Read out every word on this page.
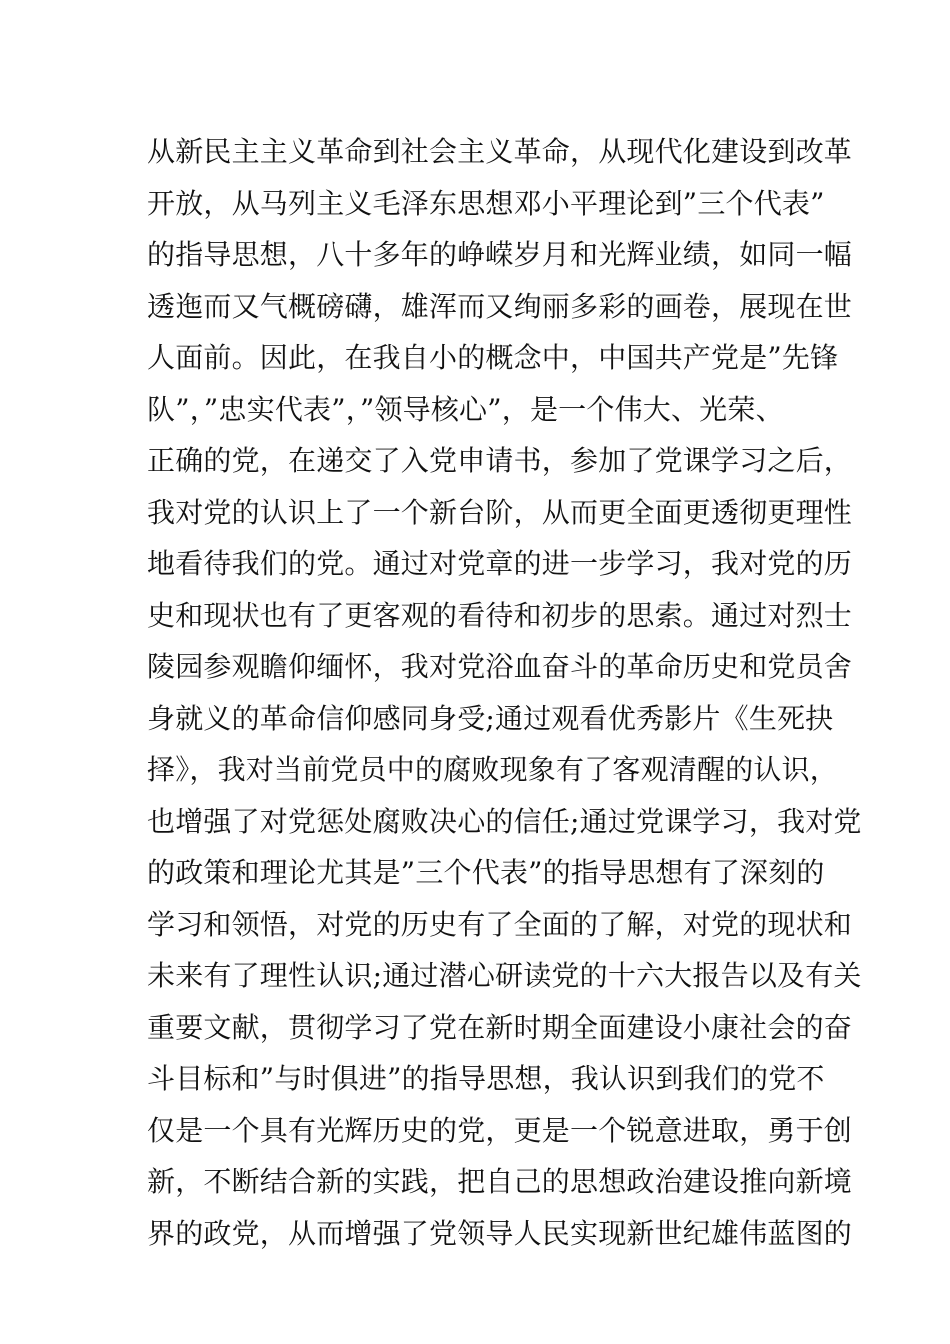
从新民主主义革命到社会主义革命，从现代化建设到改革
开放，从马列主义毛泽东思想邓小平理论到”三个代表”
的指导思想，八十多年的峥嵘岁月和光辉业绩，如同一幅
透迤而又气概磅礴，雄浑而又绚丽多彩的画卷，展现在世
人面前。因此，在我自小的概念中，中国共产党是”先锋
队”，”忠实代表”，”领导核心”，是一个伟大、光荣、
正确的党，在递交了入党申请书，参加了党课学习之后，
我对党的认识上了一个新台阶，从而更全面更透彻更理性
地看待我们的党。通过对党章的进一步学习，我对党的历
史和现状也有了更客观的看待和初步的思索。通过对烈士
陵园参观瞻仰缅怀，我对党浴血奋斗的革命历史和党员舍
身就义的革命信仰感同身受;通过观看优秀影片《生死抉
择》，我对当前党员中的腐败现象有了客观清醒的认识，
也增强了对党惩处腐败决心的信任;通过党课学习，我对党
的政策和理论尤其是”三个代表”的指导思想有了深刻的
学习和领悟，对党的历史有了全面的了解，对党的现状和
未来有了理性认识;通过潜心研读党的十六大报告以及有关
重要文献，贯彻学习了党在新时期全面建设小康社会的奋
斗目标和”与时俱进”的指导思想，我认识到我们的党不
仅是一个具有光辉历史的党，更是一个锐意进取，勇于创
新，不断结合新的实践，把自己的思想政治建设推向新境
界的政党，从而增强了党领导人民实现新世纪雄伟蓝图的
